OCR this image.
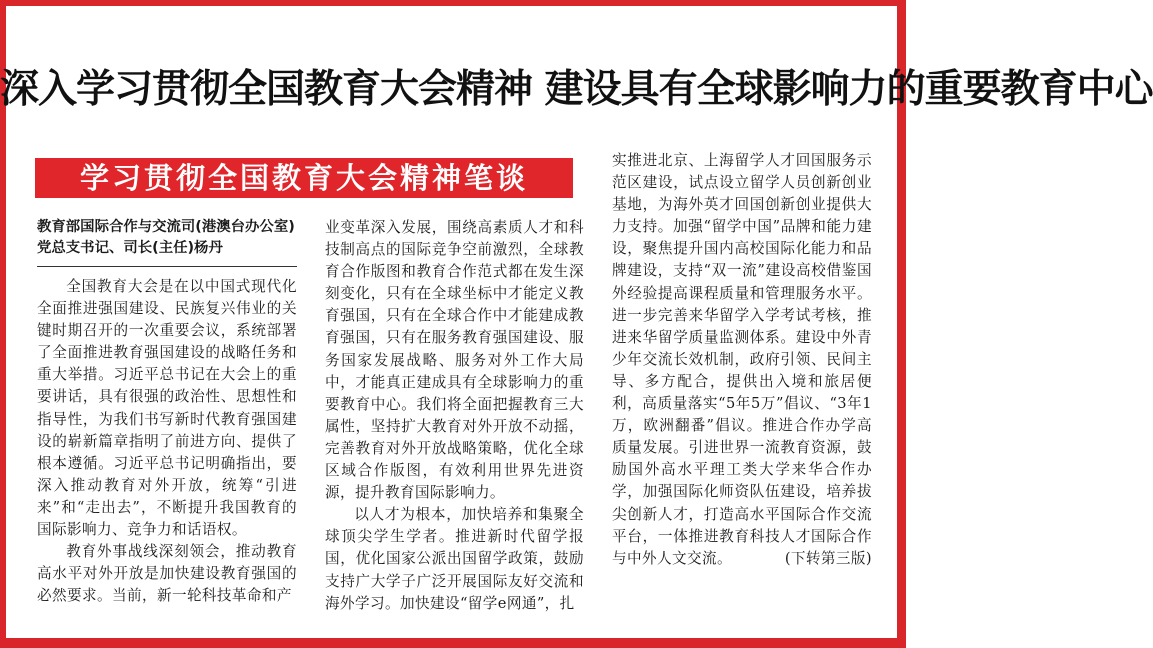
深入学习贯彻全国教育大会精神 建设具有全球影响力的重要教育中心
学习贯彻全国教育大会精神笔谈
教育部国际合作与交流司(港澳台办公室)党总支书记、司长(主任)杨丹

全国教育大会是在以中国式现代化全面推进强国建设、民族复兴伟业的关键时期召开的一次重要会议，系统部署了全面推进教育强国建设的战略任务和重大举措。习近平总书记在大会上的重要讲话，具有很强的政治性、思想性和指导性，为我们书写新时代教育强国建设的崭新篇章指明了前进方向、提供了根本遵循。习近平总书记明确指出，要深入推动教育对外开放，统筹“引进来”和“走出去”，不断提升我国教育的国际影响力、竞争力和话语权。

教育外事战线深刻领会，推动教育高水平对外开放是加快建设教育强国的必然要求。当前，新一轮科技革命和产

业变革深入发展，围绕高素质人才和科技制高点的国际竞争空前激烈，全球教育合作版图和教育合作范式都在发生深刻变化，只有在全球坐标中才能定义教育强国，只有在全球合作中才能建成教育强国，只有在服务教育强国建设、服务国家发展战略、服务对外工作大局中，才能真正建成具有全球影响力的重要教育中心。我们将全面把握教育三大属性，坚持扩大教育对外开放不动摇，完善教育对外开放战略策略，优化全球区域合作版图，有效利用世界先进资源，提升教育国际影响力。

以人才为根本，加快培养和集聚全球顶尖学生学者。推进新时代留学报国，优化国家公派出国留学政策，鼓励支持广大学子广泛开展国际友好交流和海外学习。加快建设“留学e网通”，扎

实推进北京、上海留学人才回国服务示范区建设，试点设立留学人员创新创业基地，为海外英才回国创新创业提供大力支持。加强“留学中国”品牌和能力建设，聚焦提升国内高校国际化能力和品牌建设，支持“双一流”建设高校借鉴国外经验提高课程质量和管理服务水平。进一步完善来华留学入学考试考核，推进来华留学质量监测体系。建设中外青少年交流长效机制，政府引领、民间主导、多方配合，提供出入境和旅居便利，高质量落实“5年5万”倡议、“3年1万，欧洲翻番”倡议。推进合作办学高质量发展。引进世界一流教育资源，鼓励国外高水平理工类大学来华合作办学，加强国际化师资队伍建设，培养拔尖创新人才，打造高水平国际合作交流平台，一体推进教育科技人才国际合作与中外人文交流。	(下转第三版)
